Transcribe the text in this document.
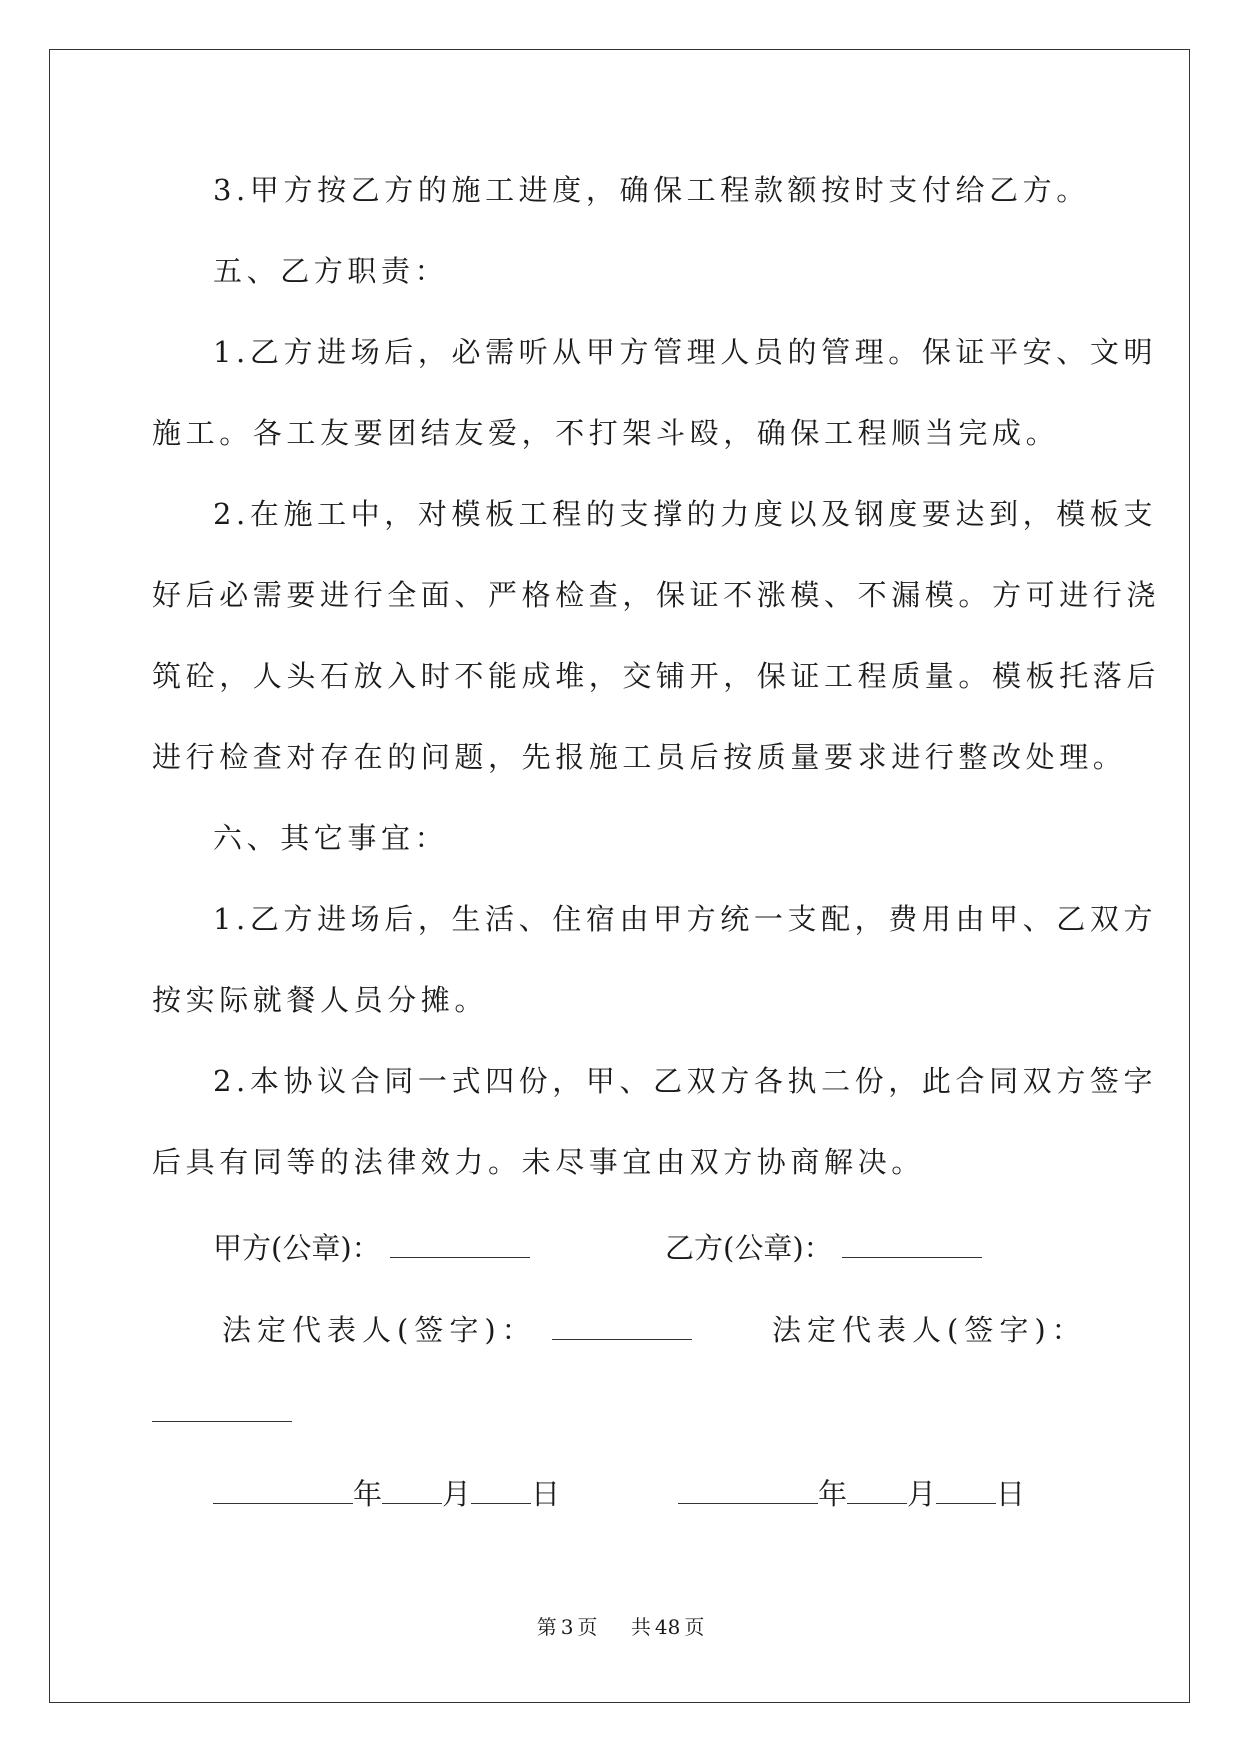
3.甲方按乙方的施工进度，确保工程款额按时支付给乙方。
五、乙方职责：
1.乙方进场后，必需听从甲方管理人员的管理。保证平安、文明
施工。各工友要团结友爱，不打架斗殴，确保工程顺当完成。
2.在施工中，对模板工程的支撑的力度以及钢度要达到，模板支
好后必需要进行全面、严格检查，保证不涨模、不漏模。方可进行浇
筑砼，人头石放入时不能成堆，交铺开，保证工程质量。模板托落后
进行检查对存在的问题，先报施工员后按质量要求进行整改处理。
六、其它事宜：
1.乙方进场后，生活、住宿由甲方统一支配，费用由甲、乙双方
按实际就餐人员分摊。
2.本协议合同一式四份，甲、乙双方各执二份，此合同双方签字
后具有同等的法律效力。未尽事宜由双方协商解决。
甲方(公章)：	乙方(公章)：
法定代表人(签字)：	法定代表人(签字)：
年 月 日	年 月 日
第 3 页 共 48 页
